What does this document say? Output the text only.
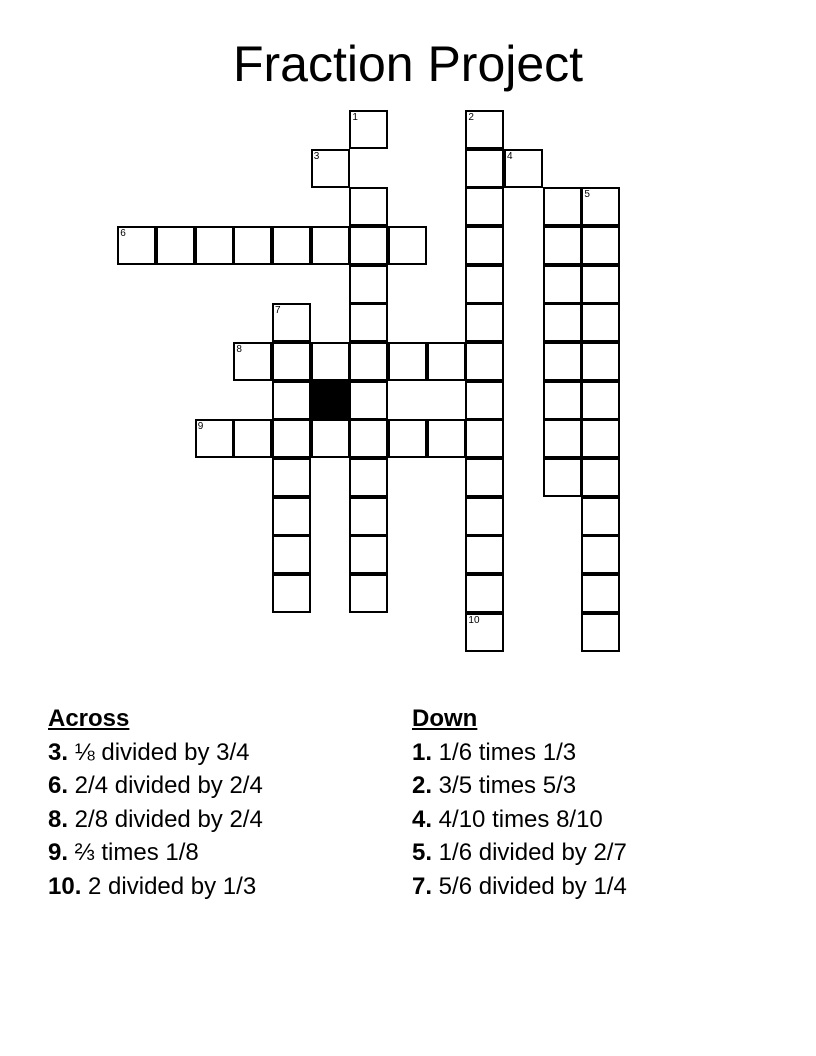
Fraction Project
1	2
3	4
5
6
7
8
9
10
Across
3. ⅛ divided by 3/4
6. 2/4 divided by 2/4
8. 2/8 divided by 2/4
9. ⅔ times 1/8
10. 2 divided by 1/3
Down
1. 1/6 times 1/3
2. 3/5 times 5/3
4. 4/10 times 8/10
5. 1/6 divided by 2/7
7. 5/6 divided by 1/4
